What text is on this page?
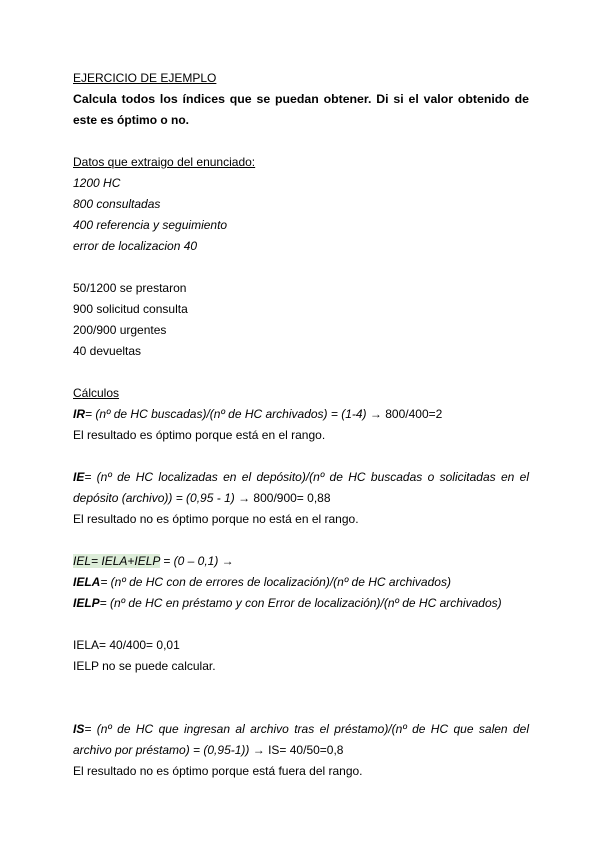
EJERCICIO DE EJEMPLO
Calcula todos los índices que se puedan obtener. Di si el valor obtenido de
este es óptimo o no.
Datos que extraigo del enunciado:
1200 HC
800 consultadas
400 referencia y seguimiento
error de localizacion 40
50/1200 se prestaron
900 solicitud consulta
200/900 urgentes
40 devueltas
Cálculos
IR= (nº de HC buscadas)/(nº de HC archivados) = (1-4) → 800/400=2
El resultado es óptimo porque está en el rango.
IE= (nº de HC localizadas en el depósito)/(nº de HC buscadas o solicitadas en el
depósito (archivo)) = (0,95 - 1) → 800/900= 0,88
El resultado no es óptimo porque no está en el rango.
IEL= IELA+IELP = (0 – 0,1) →
IELA= (nº de HC con de errores de localización)/(nº de HC archivados)
IELP= (nº de HC en préstamo y con Error de localización)/(nº de HC archivados)
IELA= 40/400= 0,01
IELP no se puede calcular.
IS= (nº de HC que ingresan al archivo tras el préstamo)/(nº de HC que salen del
archivo por préstamo) = (0,95-1)) → IS= 40/50=0,8
El resultado no es óptimo porque está fuera del rango.
